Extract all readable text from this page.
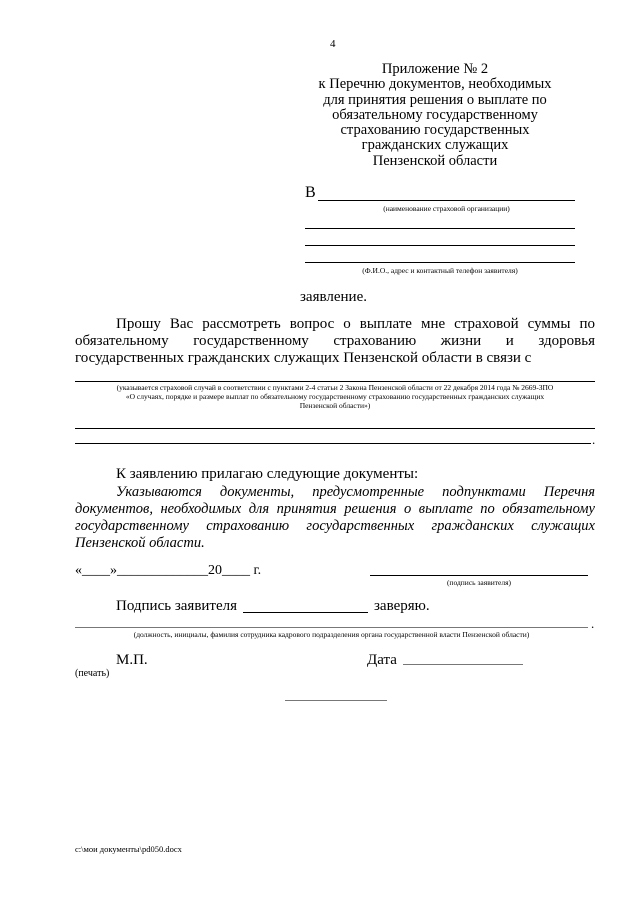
4
Приложение № 2
к Перечню документов, необходимых
для принятия решения о выплате по
обязательному государственному
страхованию государственных
гражданских служащих
Пензенской области
В
(наименование страховой организации)
(Ф.И.О., адрес и контактный телефон заявителя)
заявление.
Прошу Вас рассмотреть вопрос о выплате мне страховой суммы по
обязательному государственному страхованию жизни и здоровья
государственных гражданских служащих Пензенской области в связи с
(указывается страховой случай в соответствии с пунктами 2-4 статьи 2 Закона Пензенской области от 22 декабря 2014 года № 2669-ЗПО
«О случаях, порядке и размере выплат по обязательному государственному страхованию государственных гражданских служащих
Пензенской области»)
.
К заявлению прилагаю следующие документы:
Указываются документы, предусмотренные подпунктами Перечня
документов, необходимых для принятия решения о выплате по обязательному
государственному страхованию государственных гражданских служащих
Пензенской области.
«____»_____________20____ г.
(подпись заявителя)
Подпись заявителя	заверяю.
.
(должность, инициалы, фамилия сотрудника кадрового подразделения органа государственной власти Пензенской области)
М.П.
(печать)
Дата
c:\мои документы\pd050.docx
